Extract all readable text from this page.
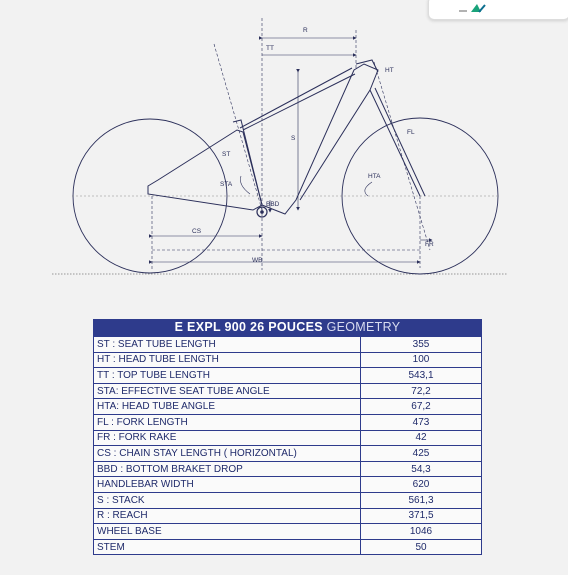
R
TT
HT
S
ST
STA
FL
HTA
BBD
CS
WB
FR
E EXPL 900 26 POUCES GEOMETRY
ST : SEAT TUBE LENGTH	355
HT : HEAD TUBE LENGTH	100
TT : TOP TUBE LENGTH	543,1
STA: EFFECTIVE SEAT TUBE ANGLE	72,2
HTA: HEAD TUBE ANGLE	67,2
FL : FORK LENGTH	473
FR : FORK RAKE	42
CS : CHAIN STAY LENGTH ( HORIZONTAL)	425
BBD : BOTTOM BRAKET DROP	54,3
HANDLEBAR WIDTH	620
S : STACK	561,3
R : REACH	371,5
WHEEL BASE	1046
STEM	50
